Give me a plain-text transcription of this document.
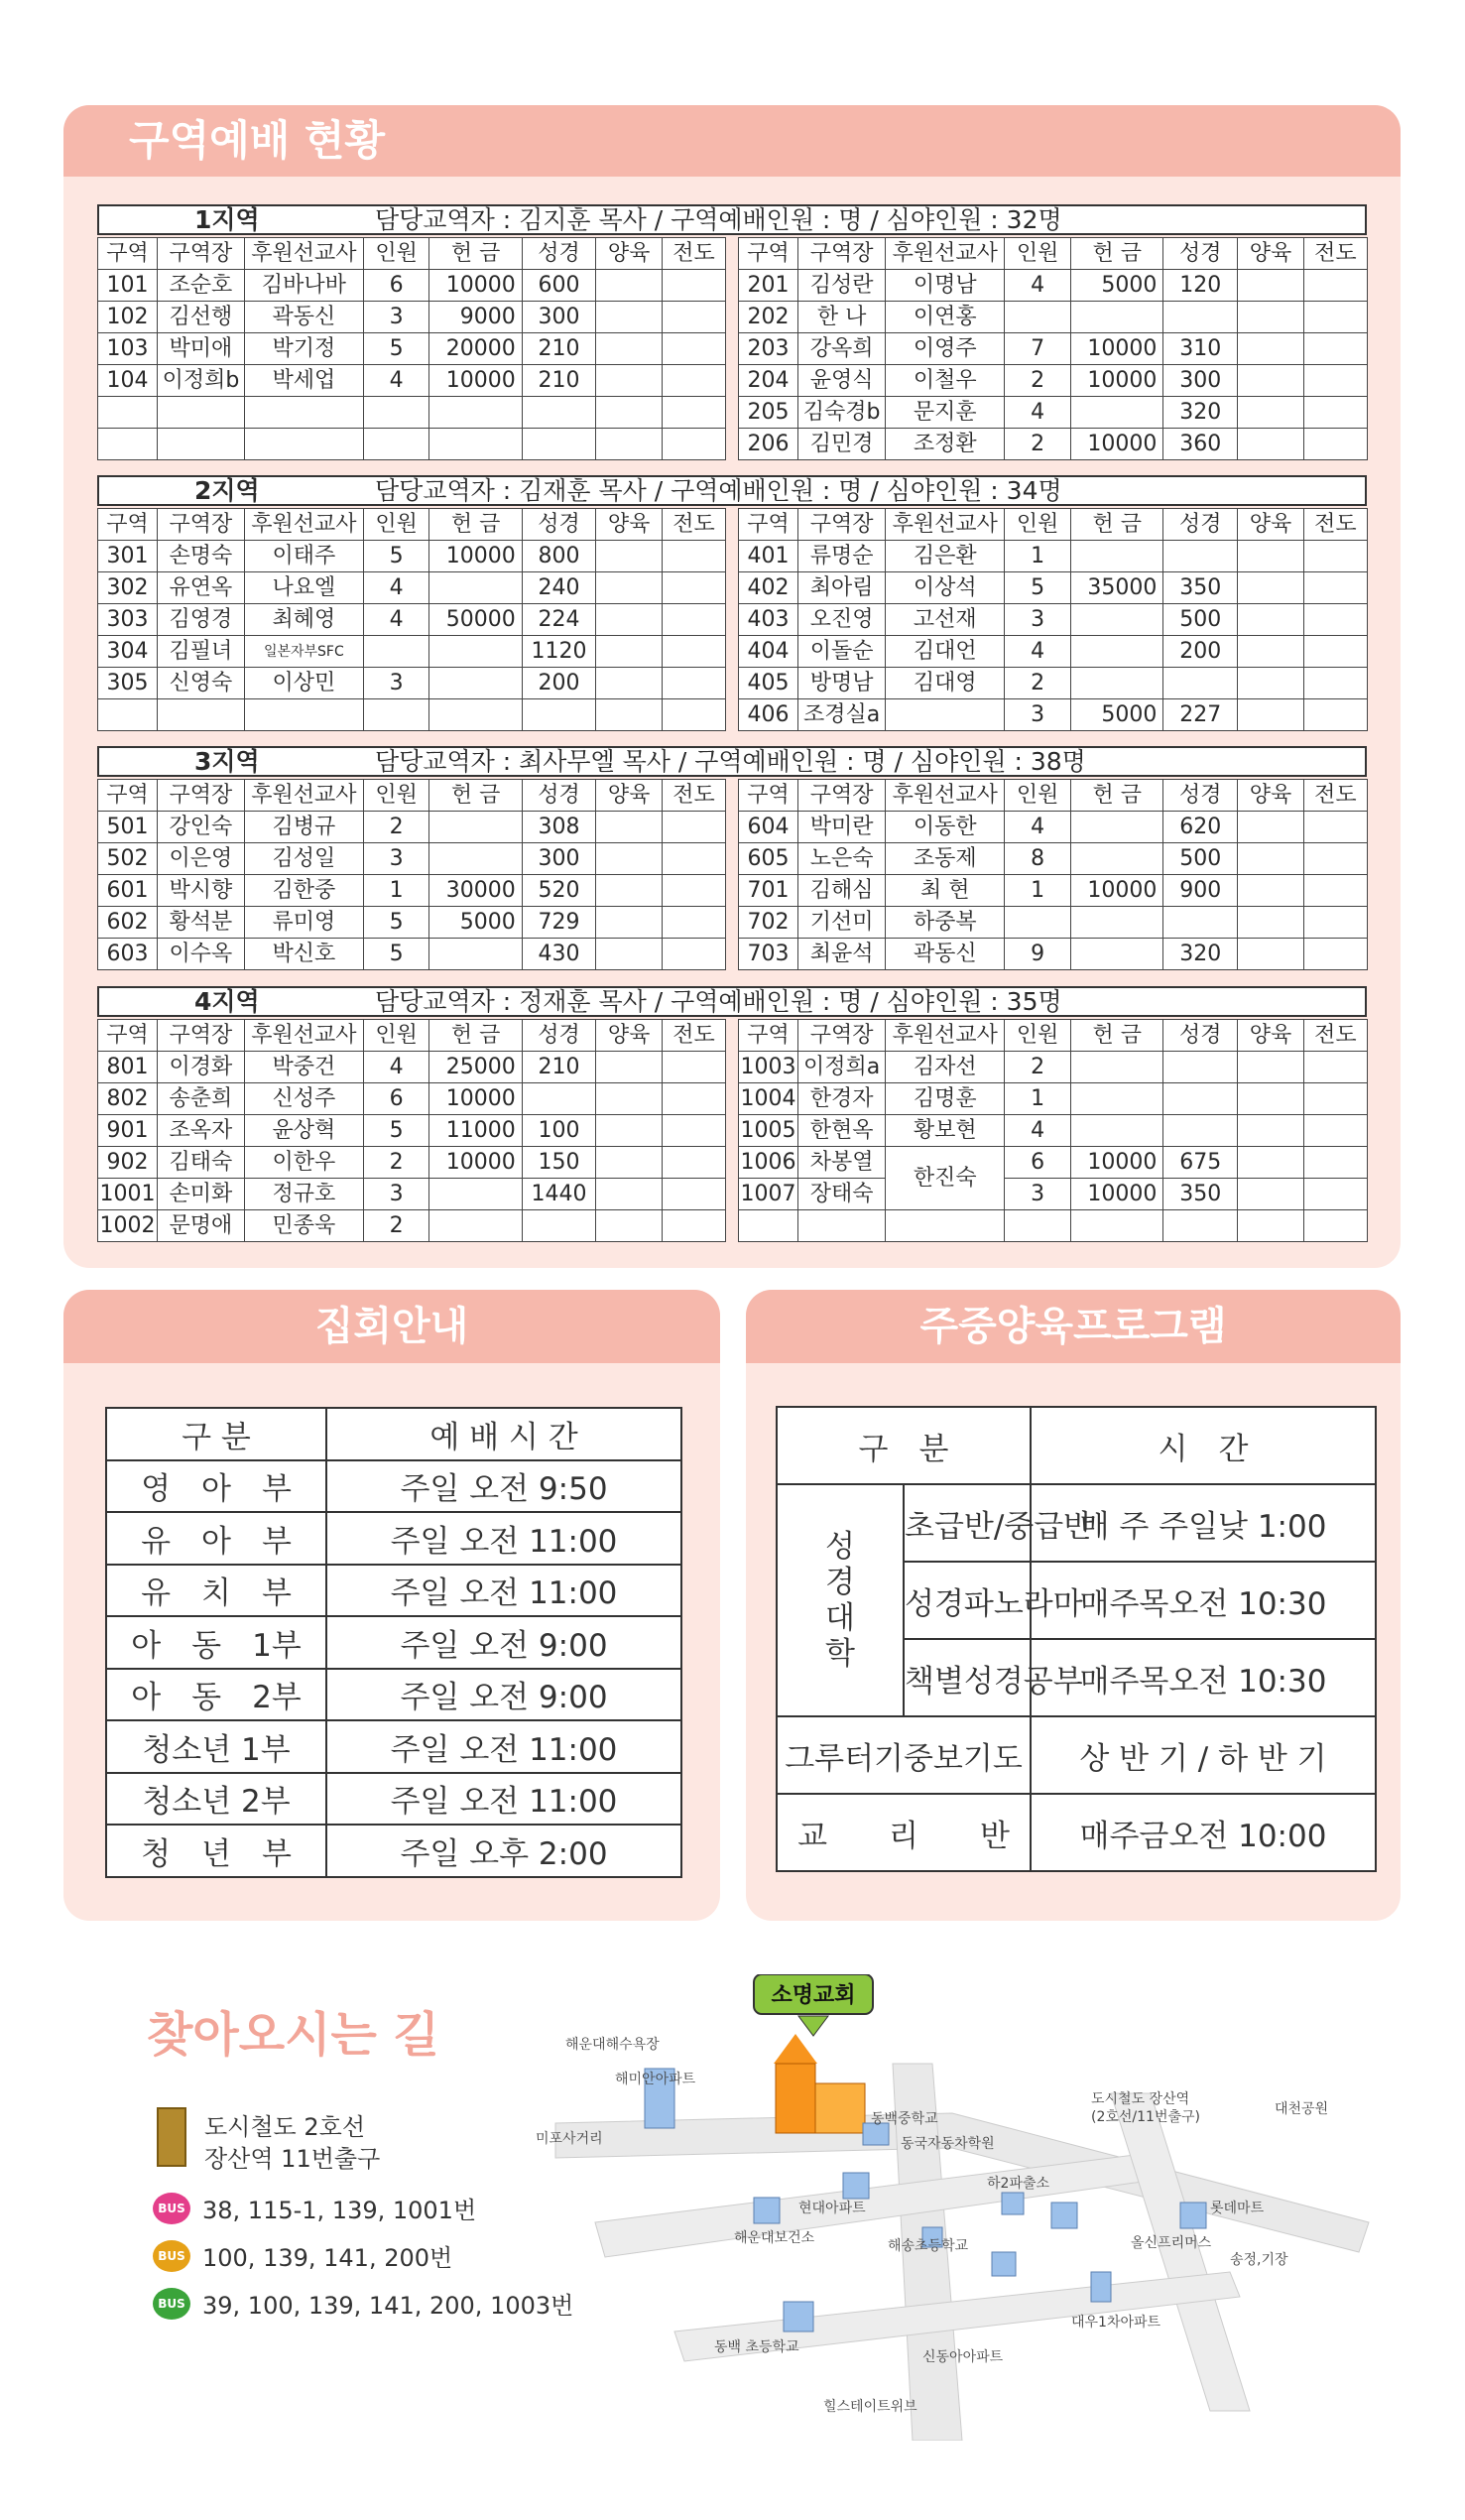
구역예배 현황
1지역	담당교역자 : 김지훈 목사 / 구역예배인원 : 명 / 심야인원 : 32명
구역	구역장	후원선교사	인원	헌 금	성경	양육	전도
101	조순호	김바나바	6	10000	600		
102	김선행	곽동신	3	9000	300		
103	박미애	박기정	5	20000	210		
104	이정희b	박세업	4	10000	210		

구역	구역장	후원선교사	인원	헌 금	성경	양육	전도
201	김성란	이명남	4	5000	120		
202	한 나	이연홍					
203	강옥희	이영주	7	10000	310		
204	윤영식	이철우	2	10000	300		
205	김숙경b	문지훈	4		320		
206	김민경	조정환	2	10000	360		
2지역	담당교역자 : 김재훈 목사 / 구역예배인원 : 명 / 심야인원 : 34명
구역	구역장	후원선교사	인원	헌 금	성경	양육	전도
301	손명숙	이태주	5	10000	800		
302	유연옥	나요엘	4		240		
303	김영경	최혜영	4	50000	224		
304	김필녀	일본자부SFC			1120		
305	신영숙	이상민	3		200		

구역	구역장	후원선교사	인원	헌 금	성경	양육	전도
401	류명순	김은환	1				
402	최아림	이상석	5	35000	350		
403	오진영	고선재	3		500		
404	이돌순	김대언	4		200		
405	방명남	김대영	2				
406	조경실a		3	5000	227		
3지역	담당교역자 : 최사무엘 목사 / 구역예배인원 : 명 / 심야인원 : 38명
구역	구역장	후원선교사	인원	헌 금	성경	양육	전도
501	강인숙	김병규	2		308		
502	이은영	김성일	3		300		
601	박시향	김한중	1	30000	520		
602	황석분	류미영	5	5000	729		
603	이수옥	박신호	5		430		
구역	구역장	후원선교사	인원	헌 금	성경	양육	전도
604	박미란	이동한	4		620		
605	노은숙	조동제	8		500		
701	김해심	최 현	1	10000	900		
702	기선미	하중복					
703	최윤석	곽동신	9		320		
4지역	담당교역자 : 정재훈 목사 / 구역예배인원 : 명 / 심야인원 : 35명
구역	구역장	후원선교사	인원	헌 금	성경	양육	전도
801	이경화	박중건	4	25000	210		
802	송춘희	신성주	6	10000			
901	조옥자	윤상혁	5	11000	100		
902	김태숙	이한우	2	10000	150		
1001	손미화	정규호	3		1440		
1002	문명애	민종욱	2				
구역	구역장	후원선교사	인원	헌 금	성경	양육	전도
1003	이정희a	김자선	2				
1004	한경자	김명훈	1				
1005	한현옥	황보현	4				
1006	차봉열	한진숙	6	10000	675		
1007	장태숙		3	10000	350		

집회안내
구 분	예 배 시 간
영　아　부	주일 오전 9:50
유　아　부	주일 오전 11:00
유　치　부	주일 오전 11:00
아　동　1부	주일 오전 9:00
아　동　2부	주일 오전 9:00
청소년 1부	주일 오전 11:00
청소년 2부	주일 오전 11:00
청　년　부	주일 오후 2:00
주중양육프로그램
구　분		시　간
성경대학	초급반/중급반	매 주 주일낮 1:00
	성경파노라마	매주목오전 10:30
	책별성경공부	매주목오전 10:30
그루터기중보기도		상 반 기 / 하 반 기
교　　리　　반		매주금오전 10:00
찾아오시는 길
도시철도 2호선
장산역 11번출구
BUS 38, 115-1, 139, 1001번
BUS 100, 139, 141, 200번
BUS 39, 100, 139, 141, 200, 1003번
소명교회
해운대해수욕장
해미안아파트
미포사거리
동백중학교
동국자동차학원
도시철도 장산역
(2호선/11번출구)	대천공원
현대아파트
하2파출소
해운대보건소	해송초등학교
롯데마트
올신프리머스
송정,기장
동백 초등학교
대우1차아파트
신동아아파트
힐스테이트위브
